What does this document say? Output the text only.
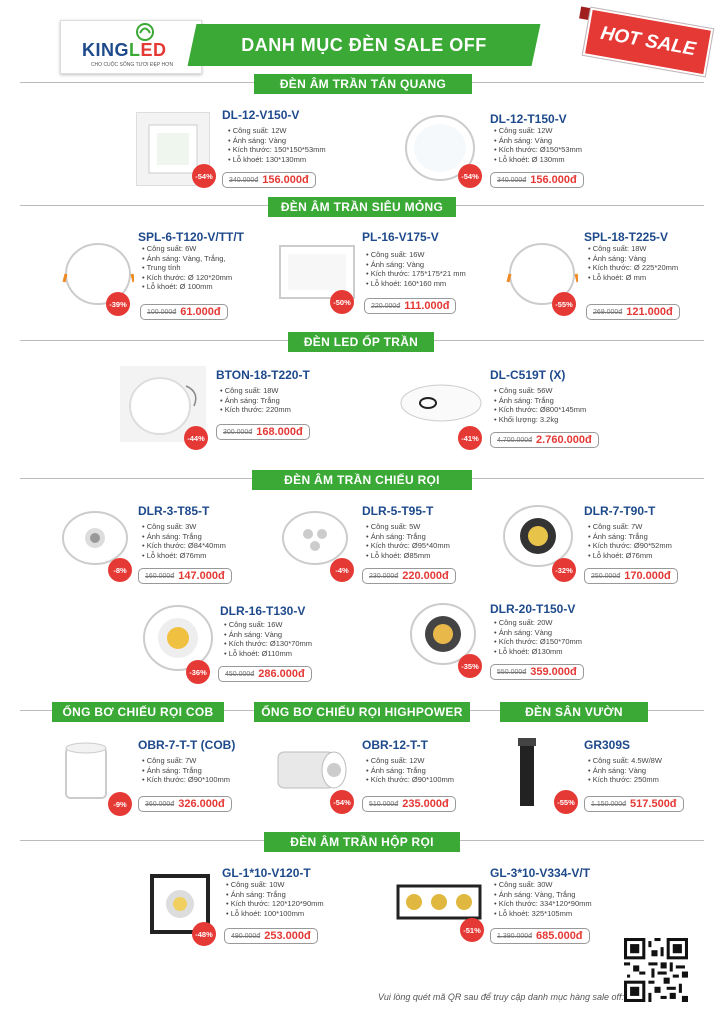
KINGLED
CHO CUỘC SỐNG TƯƠI ĐẸP HƠN
DANH MỤC ĐÈN SALE OFF	HOT SALE
ĐÈN ÂM TRẦN TÁN QUANG
-54%
DL-12-V150-V
• Công suất: 12W
• Ánh sáng: Vàng
• Kích thước: 150*150*53mm
• Lỗ khoét: 130*130mm
340.000đ 156.000đ	-54%
DL-12-T150-V
• Công suất: 12W
• Ánh sáng: Vàng
• Kích thước: Ø150*53mm
• Lỗ khoét: Ø 130mm
340.000đ 156.000đ
ĐÈN ÂM TRẦN SIÊU MỎNG
-39%
SPL-6-T120-V/TT/T
• Công suất: 6W
• Ánh sáng: Vàng, Trắng,
• Trung tính
• Kích thước: Ø 120*20mm
• Lỗ khoét: Ø 100mm
100.000đ 61.000đ
-50%
PL-16-V175-V
• Công suất: 16W
• Ánh sáng: Vàng
• Kích thước: 175*175*21 mm
• Lỗ khoét: 160*160 mm
220.000đ 111.000đ	-55%
SPL-18-T225-V
• Công suất: 18W
• Ánh sáng: Vàng
• Kích thước: Ø 225*20mm
• Lỗ khoét: Ø mm
269.000đ 121.000đ
ĐÈN LED ỐP TRẦN
-44%
BTON-18-T220-T
• Công suất: 18W
• Ánh sáng: Trắng
• Kích thước: 220mm
300.000đ 168.000đ	-41%
DL-C519T (X)
• Công suất: 56W
• Ánh sáng: Trắng
• Kích thước: Ø800*145mm
• Khối lượng: 3.2kg
4.700.000đ 2.760.000đ
ĐÈN ÂM TRẦN CHIẾU RỌI
-8%
DLR-3-T85-T
• Công suất: 3W
• Ánh sáng: Trắng
• Kích thước: Ø84*40mm
• Lỗ khoét: Ø76mm
160.000đ 147.000đ	-4%
DLR-5-T95-T
• Công suất: 5W
• Ánh sáng: Trắng
• Kích thước: Ø95*40mm
• Lỗ khoét: Ø85mm
230.000đ 220.000đ	-32%
DLR-7-T90-T
• Công suất: 7W
• Ánh sáng: Trắng
• Kích thước: Ø90*52mm
• Lỗ khoét: Ø76mm
250.000đ 170.000đ
-36%
DLR-16-T130-V
• Công suất: 16W
• Ánh sáng: Vàng
• Kích thước: Ø130*70mm
• Lỗ khoét: Ø110mm
450.000đ 286.000đ
-35%
DLR-20-T150-V
• Công suất: 20W
• Ánh sáng: Vàng
• Kích thước: Ø150*70mm
• Lỗ khoét: Ø130mm
550.000đ 359.000đ
ỐNG BƠ CHIẾU RỌI COB	ỐNG BƠ CHIẾU RỌI HIGHPOWER	ĐÈN SÂN VƯỜN
-9%
OBR-7-T-T (COB)
• Công suất: 7W
• Ánh sáng: Trắng
• Kích thước: Ø90*100mm
360.000đ 326.000đ	-54%
OBR-12-T-T
• Công suất: 12W
• Ánh sáng: Trắng
• Kích thước: Ø90*100mm
510.000đ 235.000đ	-55%
GR309S
• Công suất: 4.5W/8W
• Ánh sáng: Vàng
• Kích thước: 250mm
1.150.000đ 517.500đ
ĐÈN ÂM TRẦN HỘP RỌI
-48%
GL-1*10-V120-T
• Công suất: 10W
• Ánh sáng: Trắng
• Kích thước: 120*120*90mm
• Lỗ khoét: 100*100mm
490.000đ 253.000đ	-51%
GL-3*10-V334-V/T
• Công suất: 30W
• Ánh sáng: Vàng, Trắng
• Kích thước: 334*120*90mm
• Lỗ khoét: 325*105mm
1.390.000đ 685.000đ
Vui lòng quét mã QR sau để truy cập danh mục hàng sale off:
